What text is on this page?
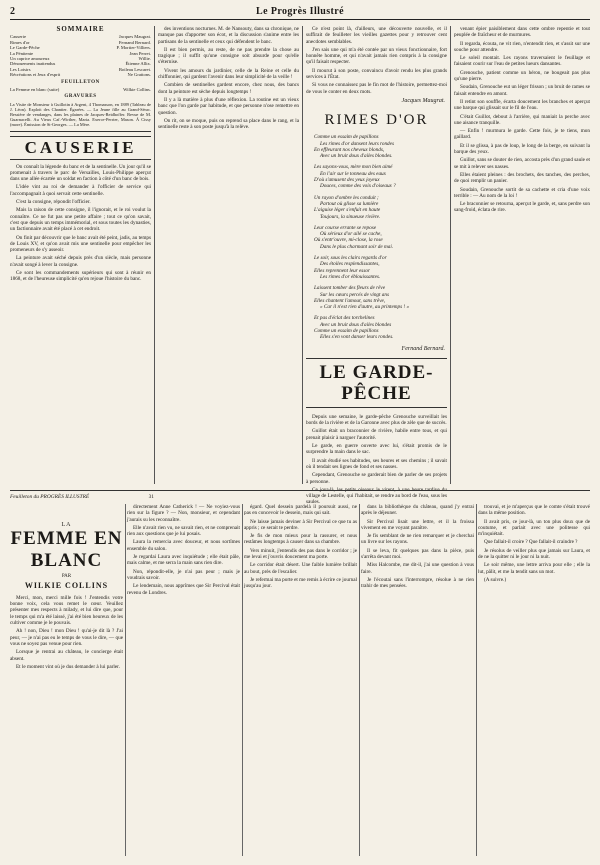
2	Le Progrès Illustré
SOMMAIRE
Causerie	Jacques Maugrat.
Rimes d'or	Fernand Bernard.
Le Garde-Pêche	P. Mortier-Villiers.
La Pénitente	Jean Perret.
Un caprice amoureux	Willie.
Dénouements inattendus	Étienne Allix.
Les Loisirs	Boileau Lescaret.
Récréations et Jeux d'esprit	Ne Grattons.
FEUILLETON
La Femme en blanc (suite)	Wilkie Collins.
GRAVURES
La Visite de Monsieur à Guillotin à Argent, 4 Thomasson, en 1889 (Tableau de J. Léon). Exploit des Chantier. Égarées. — La Jeune fille au Grand-Sérac. Bessière de vendanges, dans les plaines de Jacques-Reidhoffer. Revue de M. Guarnacelli. Au Vieux Caf.-Wirther, Maria. Exerce-Perrier, Mason. Á Cissy (more). Émission de St-Georges. — La Mère.
CAUSERIE

On connaît la légende du banc et de la sentinelle. Un jour qu'il se promenait à travers le parc de Versailles, Louis-Philippe aperçut dans une allée écartée un soldat en faction à côté d'un banc de bois.

L'idée vint au roi de demander à l'officier de service qui l'accompagnait à quoi servait cette sentinelle.

C'est la consigne, répondit l'officier.

Mais la raison de cette consigne, il l'ignorait, et le roi voulut la connaître. Ce ne fut pas une petite affaire ; tout ce qu'on savait, c'est que depuis un temps immémorial, et sous toutes les dynasties, un factionnaire avait été placé à cet endroit.

On finit par découvrir que le banc avait été peint, jadis, au temps de Louis XV, et qu'on avait mis une sentinelle pour empêcher les promeneurs de s'y asseoir.

La peinture avait séché depuis près d'un siècle, mais personne n'avait songé à lever la consigne.

Ce sont les commandements supérieurs qui sont à réunir en 1868, et de l'heureuse simplicité qu'en rejoue l'histoire du banc.

des inventions nocturnes. M. de Nansouty, dans sa chronique, ne manque pas d'apporter son écot, et la discussion s'anime entre les partisans de la sentinelle et ceux qui défendent le banc.

Il est bien permis, au reste, de ne pas prendre la chose au tragique ; il suffit qu'une consigne soit absurde pour qu'elle s'éternise.

Vivent les amours du jardinier, celle de la Reine et celle du chiffonnier, qui gardent l'avenir dans leur simplicité de la veille !

Combien de sentinelles gardent encore, chez nous, des bancs dont la peinture est sèche depuis longtemps !

Il y a là matière à plus d'une réflexion. La routine est un vieux banc que l'on garde par habitude, et que personne n'ose remettre en question.

On rit, on se moque, puis on reprend sa place dans le rang, et la sentinelle reste à son poste jusqu'à la relève.

Ce n'est point là, d'ailleurs, une découverte nouvelle, et il suffirait de feuilleter les vieilles gazettes pour y retrouver cent anecdotes semblables.

J'en sais une qui m'a été contée par un vieux fonctionnaire, fort honnête homme, et qui n'avait jamais rien compris à la consigne qu'il faisait respecter.

Il mourut à son poste, convaincu d'avoir rendu les plus grands services à l'État.

Si vous ne connaissez pas le fin mot de l'histoire, permettez-moi de vous le conter en deux mots.

Jacques Maugrat.
RIMES D'OR
Comme un essaim de papillons
Les rimes d'or dansent leurs rondes
En effleurant nos cheveux blonds,
Avec un bruit doux d'ailes blondes.
Les sayons-vous, mère mon bien aimé
En l'air sur le tonneau des eaux
D'où s'amusent des yeux joyeux
Douces, comme des voix d'oiseaux ?
Un rayon d'ombre les conduit ;
Partout où glisse sa lumière
L'aiguise léger s'enfuit en haute
Toujours, la sinueuse rivière.
Leur course errante se repose
Où sérieux d'or ailé se cache,
Où s'entr'ouvre, mi-close, la rose
Dans le plus charmant soir de mai.
Le soir, sous les clairs regards d'or
Des étoiles resplendissantes,
Elles reprennent leur essor
Les rimes d'or éblouissantes.
Laissent tomber des fleurs de rêve
Sur les cœurs percés de vingt ans
Elles chantent l'amour, sans trêve,
« Car il n'est rien d'autre, au printemps ! »
Et pas d'éclat des torchelines
Avec un bruit doux d'ailes blondes
Comme un essaim de papillons
Elles s'en vont danser leurs rondes.
Fernand Bernard.
LE GARDE-PÊCHE

Depuis une semaine, le garde-pêche Grenouche surveillait les bords de la rivière et de la Garonne avec plus de zèle que de succès.

Guillot était un braconnier de rivière, habile entre tous, et qui prenait plaisir à narguer l'autorité.

Le garde, en guerre ouverte avec lui, s'était promis de le surprendre la main dans le sac.

Il avait étudié ses habitudes, ses heures et ses chemins ; il savait où il tendait ses lignes de fond et ses nasses.

Cependant, Grenouche se garderait bien de parler de ses projets à personne.

Ce jour-là, les petits oiseaux le virent, à une heure tardive du village de Lestelle, qui l'habitait, se rendre au bord de l'eau, sous les saules.

venant épier paisiblement dans cette ombre repentie et tout peuplée de fraîcheur et de murmures.

Il regarda, écouta, ne vit rien, n'entendit rien, et s'assit sur une souche pour attendre.

Le soleil montait. Les rayons traversaient le feuillage et faisaient courir sur l'eau de petites lueurs dansantes.

Grenouche, patient comme un héron, ne bougeait pas plus qu'une pierre.

Soudain, Grenouche eut un léger frisson ; un bruit de rames se faisait entendre en amont.

Il retint son souffle, écarta doucement les branches et aperçut une barque qui glissait sur le fil de l'eau.

C'était Guillot, debout à l'arrière, qui maniait la perche avec une aisance tranquille.

— Enfin ! murmura le garde. Cette fois, je te tiens, mon gaillard.

Et il se glissa, à pas de loup, le long de la berge, en suivant la barque des yeux.

Guillot, sans se douter de rien, accosta près d'un grand saule et se mit à relever ses nasses.

Elles étaient pleines : des brochets, des tanches, des perches, de quoi remplir un panier.

Soudain, Grenouche sortit de sa cachette et cria d'une voix terrible : — Au nom de la loi !

Le braconnier se retourna, aperçut le garde, et, sans perdre son sang-froid, éclata de rire.

Feuilleton du PROGRÈS ILLUSTRÉ	31
LA
FEMME EN BLANC
PAR
WILKIE COLLINS

Merci, mon, merci mille fois ! J'entendis votre bonne voix, cela vous remet le cœur. Veuillez présenter mes respects à milady, et lui dire que, pour le temps qui m'a été laissé, j'ai été bien heureux de les cultiver comme je le pouvais.

Ah ! non, Dieu ! mon Dieu ! qu'ai-je dit là ? J'ai peur, — je n'ai pas eu le temps de vous le dire, — que vous ne soyez pas venue pour rien.

Lorsque je rentrai au château, le concierge était absent.

Et le moment vint où je dus demander à lui parler.

directement Anne Catherick ! — Ne voyiez-vous rien sur la figure ? — Non, monsieur, et cependant j'aurais su les reconnaître.

Elle n'avait rien vu, ne savait rien, et ne comprenait rien aux questions que je lui posais.

Laura la remercia avec douceur, et nous sortîmes ensemble du salon.

Je regardai Laura avec inquiétude ; elle était pâle, mais calme, et me serra la main sans rien dire.

Non, répondit-elle, je n'ai pas peur ; mais je voudrais savoir.

Le lendemain, nous apprîmes que Sir Percival était revenu de Londres.

égard. Quel dessein pardelà il poursuit aussi, ne pas en concevoir le dessein, mais qui sait.

Ne laisse jamais deviner à Sir Percival ce que tu as appris ; ce serait te perdre.

Je fis de mon mieux pour la rassurer, et nous restâmes longtemps à causer dans sa chambre.

Vers minuit, j'entendis des pas dans le corridor ; je me levai et j'ouvris doucement ma porte.

Le corridor était désert. Une faible lumière brillait au bout, près de l'escalier.

Je refermai ma porte et me remis à écrire ce journal jusqu'au jour.

dans la bibliothèque du château, quand j'y entrai après le déjeuner.

Sir Percival lisait une lettre, et il la froissa vivement en me voyant paraître.

Je fis semblant de ne rien remarquer et je cherchai un livre sur les rayons.

Il se leva, fit quelques pas dans la pièce, puis s'arrêta devant moi.

Miss Halcombe, me dit-il, j'ai une question à vous faire.

Je l'écoutai sans l'interrompre, résolue à ne rien trahir de mes pensées.

trouvai, et je m'aperçus que le comte s'était trouvé dans la même position.

Il avait pris, ce jour-là, un ton plus doux que de coutume, et parlait avec une politesse qui m'inquiétait.

Que fallait-il croire ? Que fallait-il craindre ?

Je résolus de veiller plus que jamais sur Laura, et de ne la quitter ni le jour ni la nuit.

Le soir même, une lettre arriva pour elle ; elle la lut, pâlit, et me la tendit sans un mot.

(A suivre.)
